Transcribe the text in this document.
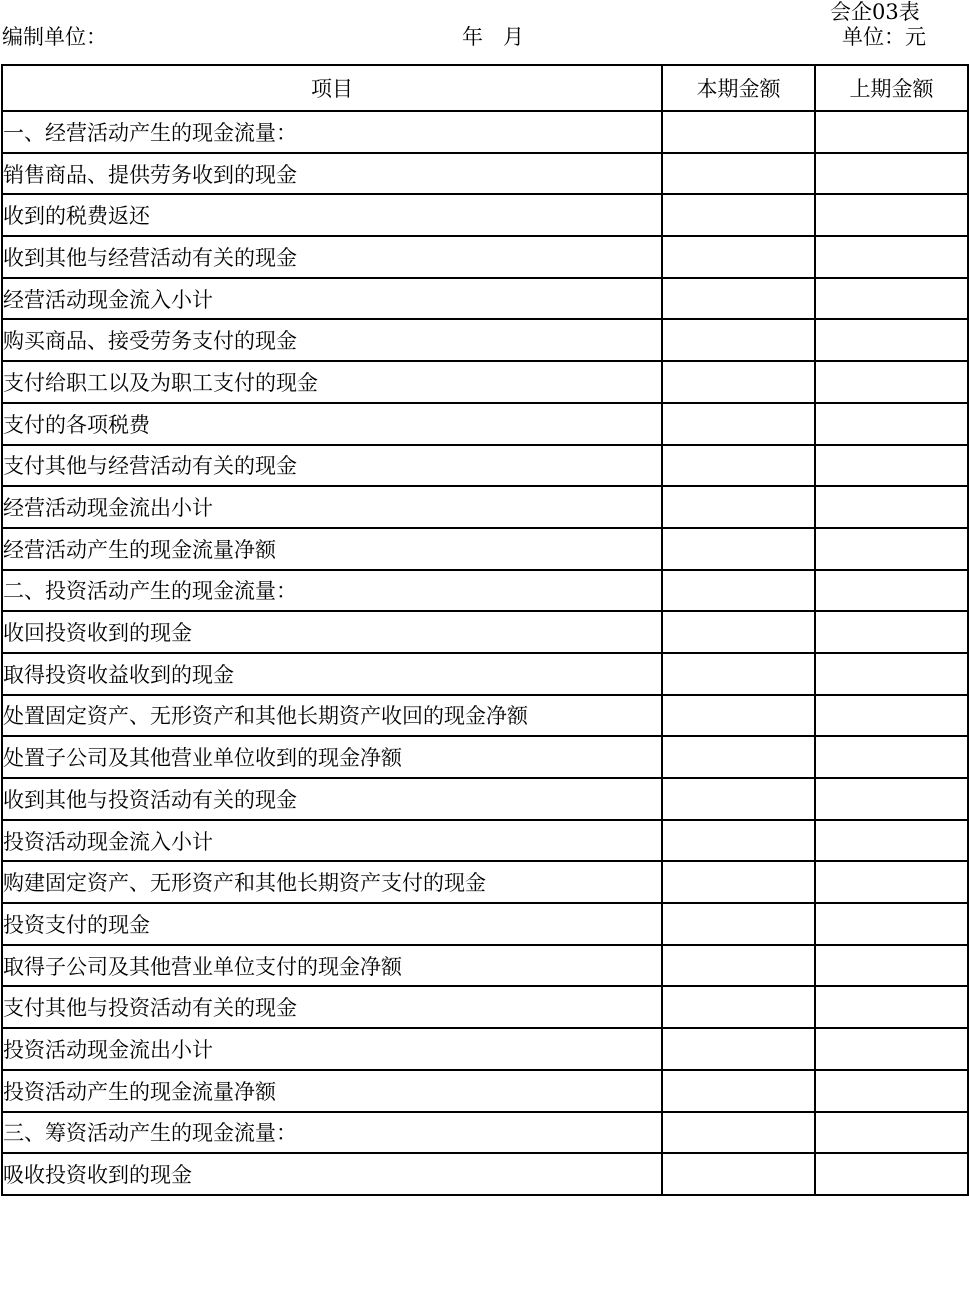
会企03表
编制单位：	年 月	单位：元
项目	本期金额	上期金额
一、经营活动产生的现金流量：		
销售商品、提供劳务收到的现金		
收到的税费返还		
收到其他与经营活动有关的现金		
经营活动现金流入小计		
购买商品、接受劳务支付的现金		
支付给职工以及为职工支付的现金		
支付的各项税费		
支付其他与经营活动有关的现金		
经营活动现金流出小计		
经营活动产生的现金流量净额		
二、投资活动产生的现金流量：		
收回投资收到的现金		
取得投资收益收到的现金		
处置固定资产、无形资产和其他长期资产收回的现金净额		
处置子公司及其他营业单位收到的现金净额		
收到其他与投资活动有关的现金		
投资活动现金流入小计		
购建固定资产、无形资产和其他长期资产支付的现金		
投资支付的现金		
取得子公司及其他营业单位支付的现金净额		
支付其他与投资活动有关的现金		
投资活动现金流出小计		
投资活动产生的现金流量净额		
三、筹资活动产生的现金流量：		
吸收投资收到的现金		
